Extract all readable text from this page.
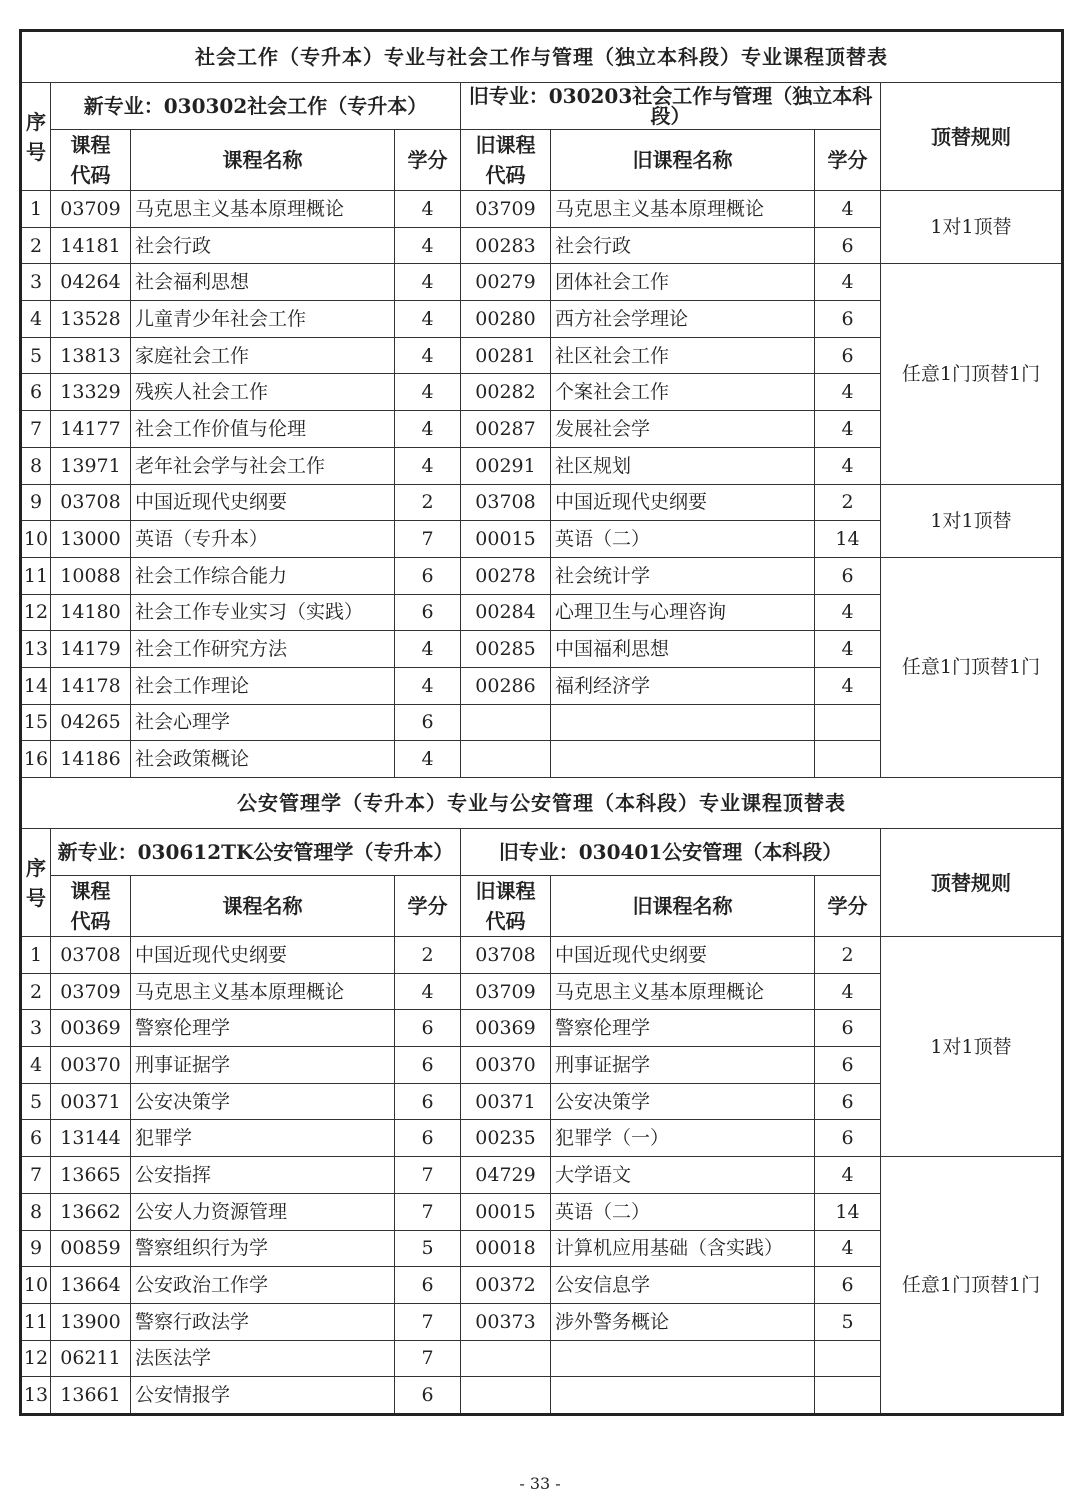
社会工作（专升本）专业与社会工作与管理（独立本科段）专业课程顶替表							
序号	新专业：030302社会工作（专升本）			旧专业：030203社会工作与管理（独立本科段）			顶替规则
	课程代码	课程名称	学分	旧课程代码	旧课程名称	学分	
1	03709	马克思主义基本原理概论	4	03709	马克思主义基本原理概论	4	1对1顶替
2	14181	社会行政	4	00283	社会行政	6	
3	04264	社会福利思想	4	00279	团体社会工作	4	任意1门顶替1门
4	13528	儿童青少年社会工作	4	00280	西方社会学理论	6	
5	13813	家庭社会工作	4	00281	社区社会工作	6	
6	13329	残疾人社会工作	4	00282	个案社会工作	4	
7	14177	社会工作价值与伦理	4	00287	发展社会学	4	
8	13971	老年社会学与社会工作	4	00291	社区规划	4	
9	03708	中国近现代史纲要	2	03708	中国近现代史纲要	2	1对1顶替
10	13000	英语（专升本）	7	00015	英语（二）	14	
11	10088	社会工作综合能力	6	00278	社会统计学	6	任意1门顶替1门
12	14180	社会工作专业实习（实践）	6	00284	心理卫生与心理咨询	4	
13	14179	社会工作研究方法	4	00285	中国福利思想	4	
14	14178	社会工作理论	4	00286	福利经济学	4	
15	04265	社会心理学	6				
16	14186	社会政策概论	4				
公安管理学（专升本）专业与公安管理（本科段）专业课程顶替表							
序号	新专业：030612TK公安管理学（专升本）			旧专业：030401公安管理（本科段）			顶替规则
	课程代码	课程名称	学分	旧课程代码	旧课程名称	学分	
1	03708	中国近现代史纲要	2	03708	中国近现代史纲要	2	1对1顶替
2	03709	马克思主义基本原理概论	4	03709	马克思主义基本原理概论	4	
3	00369	警察伦理学	6	00369	警察伦理学	6	
4	00370	刑事证据学	6	00370	刑事证据学	6	
5	00371	公安决策学	6	00371	公安决策学	6	
6	13144	犯罪学	6	00235	犯罪学（一）	6	
7	13665	公安指挥	7	04729	大学语文	4	任意1门顶替1门
8	13662	公安人力资源管理	7	00015	英语（二）	14	
9	00859	警察组织行为学	5	00018	计算机应用基础（含实践）	4	
10	13664	公安政治工作学	6	00372	公安信息学	6	
11	13900	警察行政法学	7	00373	涉外警务概论	5	
12	06211	法医法学	7				
13	13661	公安情报学	6				
- 33 -
